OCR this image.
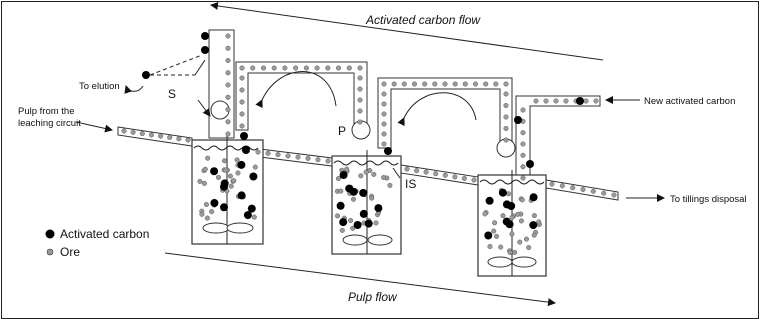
Activated carbon flow
Pulp flow
To elution
Pulp from the
leaching circuit
New activated carbon
To tillings disposal
S
P
IS
Activated carbon
Ore
